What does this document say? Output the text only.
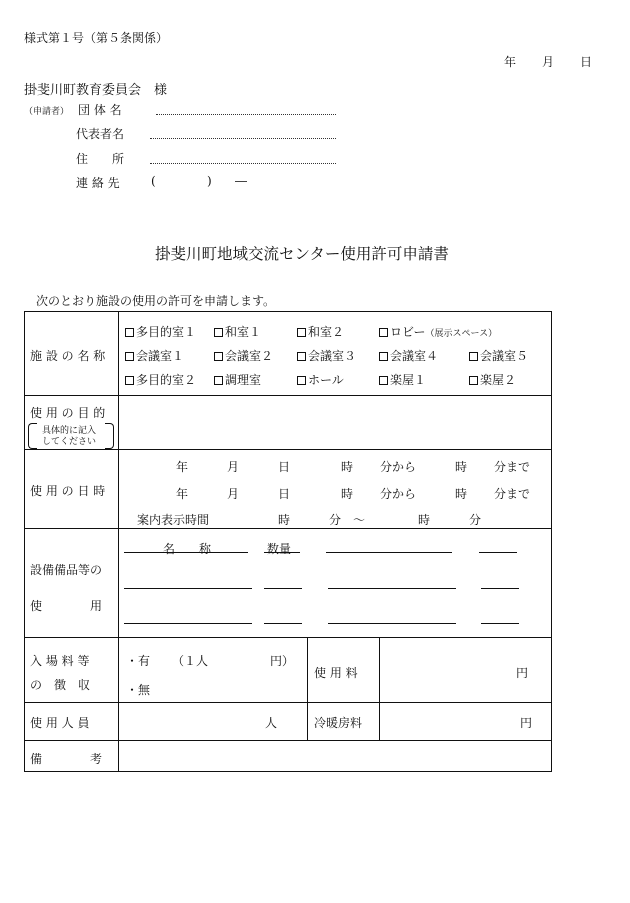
様式第１号（第５条関係）
年 月 日
掛斐川町教育委員会　様
（申請者） 団 体 名
代表者名
住　　所
連 絡 先	(	) ―
掛斐川町地域交流センター使用許可申請書
次のとおり施設の使用の許可を申請します。
施 設 の 名 称
多目的室１	和室１	和室２	ロビー（展示スペース）
会議室１	会議室２	会議室３	会議室４	会議室５
多目的室２	調理室	ホール	楽屋１	楽屋２
使 用 の 目 的
具体的に記入
してください
使 用 の 日 時
年	月	日	時 分から	時 分まで
年	月	日	時 分から	時 分まで
案内表示時間	時	分 ～	時	分
設備備品等の
使　　　　用
名　　称	数量
入 場 料 等
の　徴　収
・有 （１人	円）
・無
使 用 料	円
使 用 人 員	人	冷暖房料	円
備　　　　考
